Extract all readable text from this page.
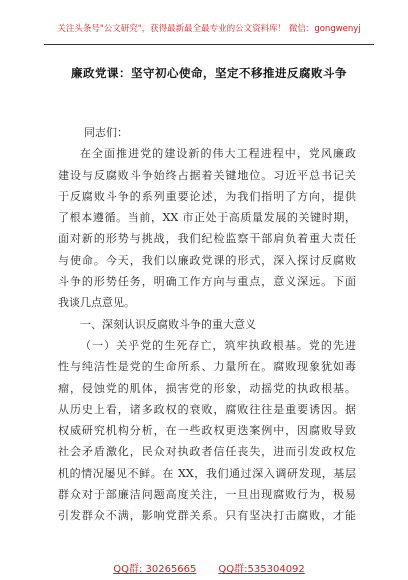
关注头条号"公文研究"，获得最新最全最专业的公文资料库！ 微信：gongwenyj
廉政党课：坚守初心使命，坚定不移推进反腐败斗争
同志们：
在全面推进党的建设新的伟大工程进程中，党风廉政
建设与反腐败斗争始终占据着关键地位。习近平总书记关
于反腐败斗争的系列重要论述，为我们指明了方向，提供
了根本遵循。当前，XX 市正处于高质量发展的关键时期，
面对新的形势与挑战，我们纪检监察干部肩负着重大责任
与使命。今天，我们以廉政党课的形式，深入探讨反腐败
斗争的形势任务，明确工作方向与重点，意义深远。下面
我谈几点意见。
一、深刻认识反腐败斗争的重大意义
（一）关乎党的生死存亡，筑牢执政根基。党的先进
性与纯洁性是党的生命所系、力量所在。腐败现象犹如毒
瘤，侵蚀党的肌体，损害党的形象，动摇党的执政根基。
从历史上看，诸多政权的衰败，腐败往往是重要诱因。据
权威研究机构分析，在一些政权更迭案例中，因腐败导致
社会矛盾激化，民众对执政者信任丧失，进而引发政权危
机的情况屡见不鲜。在 XX，我们通过深入调研发现，基层
群众对于部廉洁问题高度关注，一旦出现腐败行为，极易
引发群众不满，影响党群关系。只有坚决打击腐败，才能
QQ群: 30265665 QQ群:535304092
